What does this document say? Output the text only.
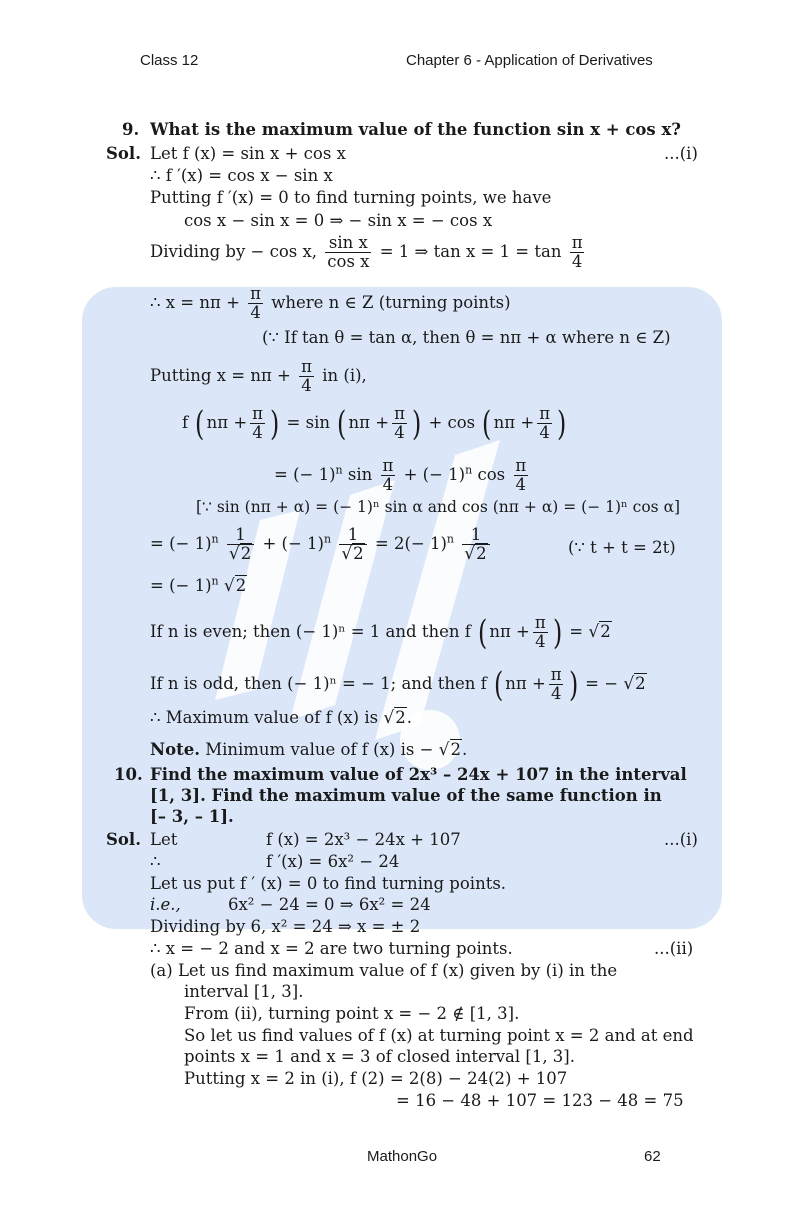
Class 12	Chapter 6 - Application of Derivatives
9. What is the maximum value of the function sin x + cos x?
Sol. Let f (x) = sin x + cos x	...(i)
∴ f ′(x) = cos x − sin x
Putting f ′(x) = 0 to find turning points, we have
cos x − sin x = 0 ⇒ − sin x = − cos x
Dividing by − cos x, $\frac{\text{sin x}}{\text{cos x}} = 1$ ⇒ $\tan x = 1 = \tan \frac{\pi}{4}$
∴ $x = n\pi + \frac{\pi}{4}$ where n ∈ Z (turning points)
(∵ If tan θ = tan α, then θ = nπ + α where n ∈ Z)
Putting $x = n\pi + \frac{\pi}{4}$ in (i),
f ( $n\pi + \frac{\pi}{4}$ ) = sin ( $n\pi + \frac{\pi}{4}$ ) + cos ( $n\pi + \frac{\pi}{4}$ )
= (− 1)$^n$ $\sin \frac{\pi}{4}$ + (− 1)$^n$ $\cos \frac{\pi}{4}$
[∵ sin (nπ + α) = (− 1)ⁿ sin α and cos (nπ + α) = (− 1)ⁿ cos α]
= (− $1)^n \frac{1}{√2}$ + (− $1)^n \frac{1}{√2} = 2(- 1)^n \frac{1}{√2}$	(∵ t + t = 2t)
= (− 1)$^n$ √2
If n is even; then (− 1)ⁿ = 1 and then f ( $n\pi + \frac{\pi}{4}$ ) = √2
If n is odd, then (− 1)ⁿ = − 1; and then f ( $n\pi + \frac{\pi}{4}$ ) = − √2
∴ Maximum value of f (x) is √2.
Note. Minimum value of f (x) is − √2.
10. Find the maximum value of 2x³ – 24x + 107 in the interval
[1, 3]. Find the maximum value of the same function in
[– 3, – 1].
Sol. Let	f (x) = 2x³ − 24x + 107	...(i)
∴	f ′(x) = 6x² − 24
Let us put f ′ (x) = 0 to find turning points.
i.e.,	6x² − 24 = 0 ⇒ 6x² = 24
Dividing by 6, x² = 24 ⇒ x = ± 2
∴ x = − 2 and x = 2 are two turning points.	...(ii)
(a) Let us find maximum value of f (x) given by (i) in the
interval [1, 3].
From (ii), turning point x = − 2 ∉ [1, 3].
So let us find values of f (x) at turning point x = 2 and at end
points x = 1 and x = 3 of closed interval [1, 3].
Putting x = 2 in (i), f (2) = 2(8) − 24(2) + 107
= 16 − 48 + 107 = 123 − 48 = 75
MathonGo	62
